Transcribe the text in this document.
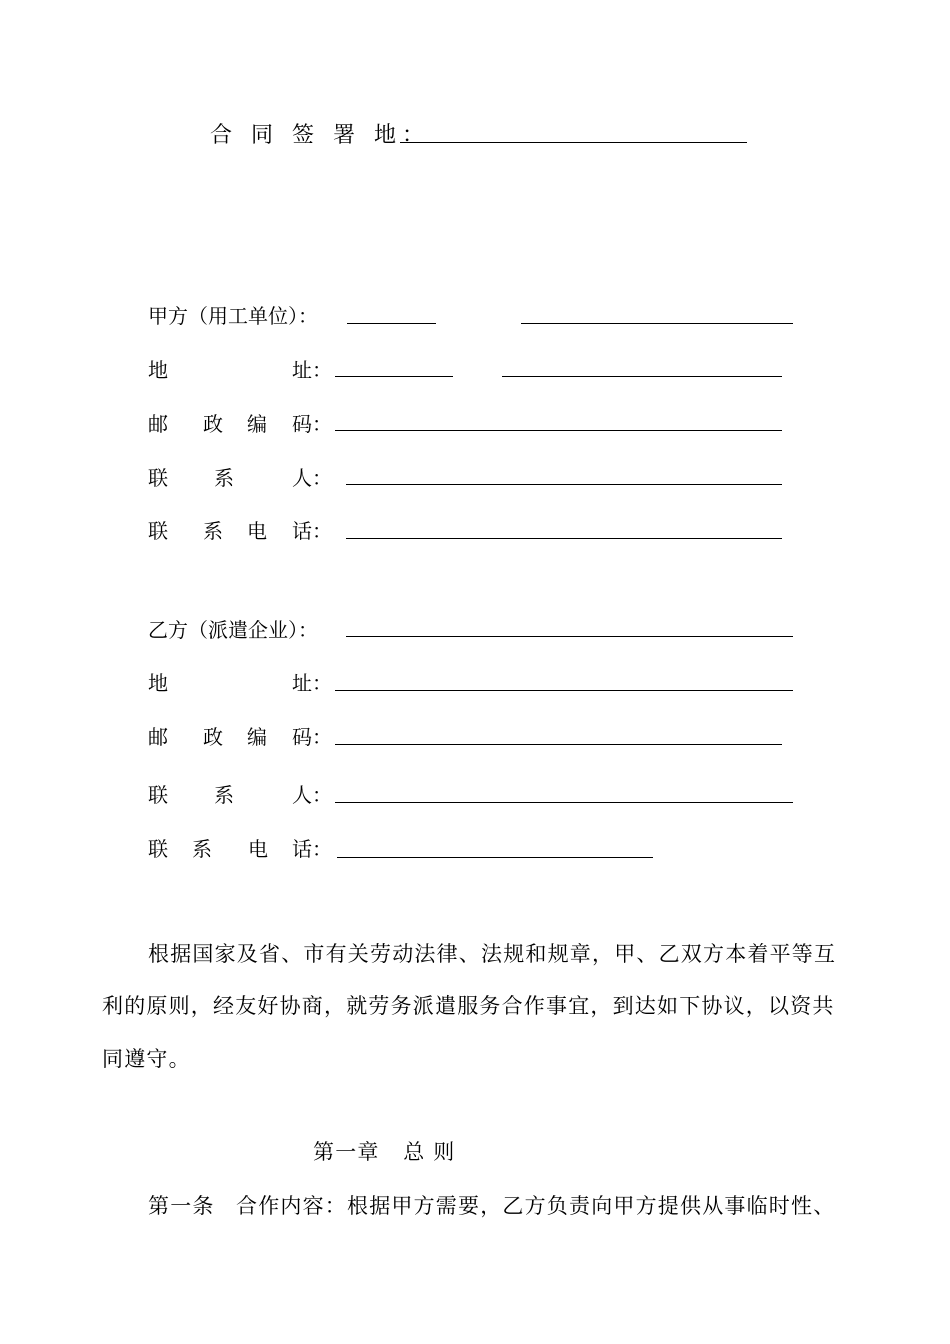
合 同 签 署 地：
甲方（用工单位）：
地	址：
邮 政 编 码：
联 系	人：
联 系 电 话：
乙方（派遣企业）：
地	址：
邮 政 编 码：
联 系	人：
联 系 电 话：
根据国家及省、市有关劳动法律、法规和规章，甲、乙双方本着平等互
利的原则，经友好协商，就劳务派遣服务合作事宜，到达如下协议，以资共
同遵守。
第一章   总 则
第一条 合作内容：根据甲方需要，乙方负责向甲方提供从事临时性、
